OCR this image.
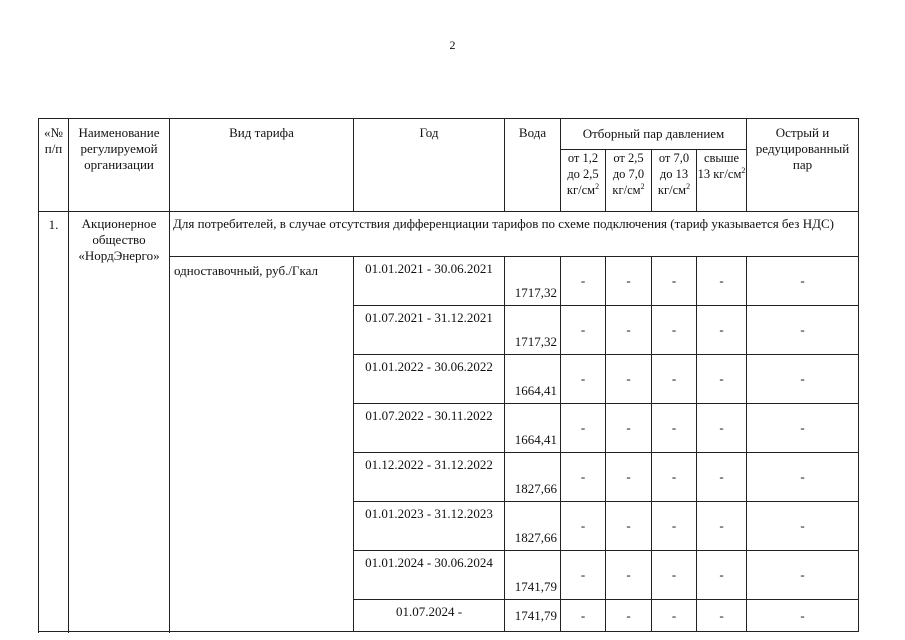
2
«№ п/п	Наименование регулируемой организации	Вид тарифа	Год	Вода	Отборный пар давлением				Острый и редуцированный пар
					от 1,2 до 2,5 $кг/см^2$	от 2,5 до 7,0 $кг/см^2$	от 7,0 до 13 $кг/см^2$	свыше 13 $кг/см^2$
1.	Акционерное общество «НордЭнерго»	Для потребителей, в случае отсутствия дифференциации тарифов по схеме подключения (тариф указывается без НДС)							
		одноставочный, руб./Гкал	01.01.2021 - 30.06.2021	1717,32	-	-	-	-	-
			01.07.2021 - 31.12.2021	1717,32	-	-	-	-	-
			01.01.2022 - 30.06.2022	1664,41	-	-	-	-	-
			01.07.2022 - 30.11.2022	1664,41	-	-	-	-	-
			01.12.2022 - 31.12.2022	1827,66	-	-	-	-	-
			01.01.2023 - 31.12.2023	1827,66	-	-	-	-	-
			01.01.2024 - 30.06.2024	1741,79	-	-	-	-	-
			01.07.2024 -	1741,79	-	-	-	-	-
